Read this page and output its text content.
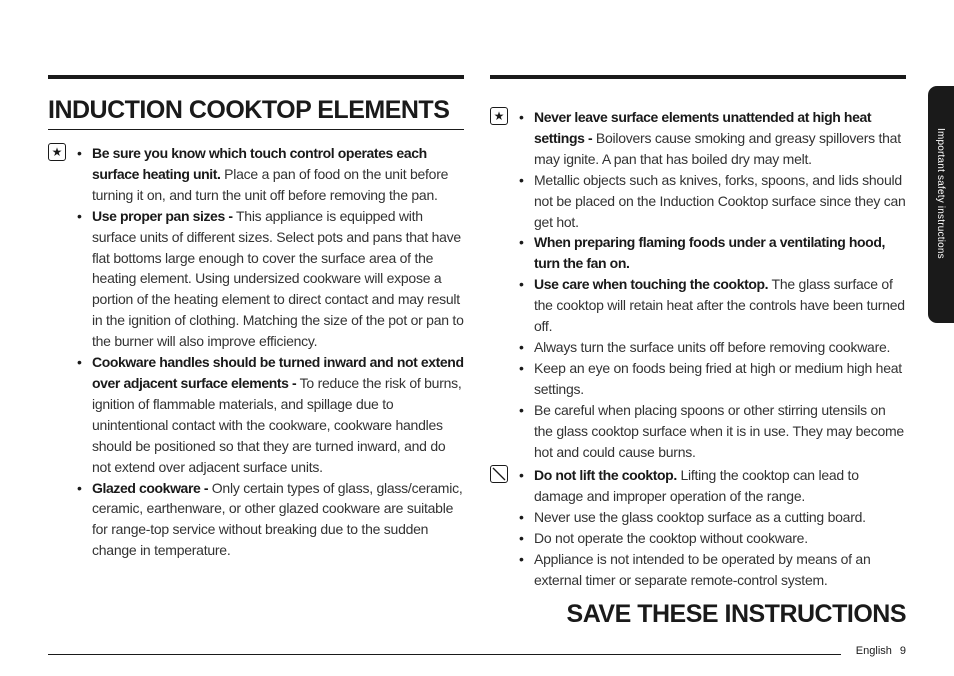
INDUCTION COOKTOP ELEMENTS
★ • Be sure you know which touch control operates each surface heating unit. Place a pan of food on the unit before turning it on, and turn the unit off before removing the pan.
• Use proper pan sizes - This appliance is equipped with surface units of different sizes. Select pots and pans that have flat bottoms large enough to cover the surface area of the heating element. Using undersized cookware will expose a portion of the heating element to direct contact and may result in the ignition of clothing. Matching the size of the pot or pan to the burner will also improve efficiency.
• Cookware handles should be turned inward and not extend over adjacent surface elements - To reduce the risk of burns, ignition of flammable materials, and spillage due to unintentional contact with the cookware, cookware handles should be positioned so that they are turned inward, and do not extend over adjacent surface units.
• Glazed cookware - Only certain types of glass, glass/ceramic, ceramic, earthenware, or other glazed cookware are suitable for range-top service without breaking due to the sudden change in temperature.
★ • Never leave surface elements unattended at high heat settings - Boilovers cause smoking and greasy spillovers that may ignite. A pan that has boiled dry may melt.
• Metallic objects such as knives, forks, spoons, and lids should not be placed on the Induction Cooktop surface since they can get hot.
• When preparing flaming foods under a ventilating hood, turn the fan on.
• Use care when touching the cooktop. The glass surface of the cooktop will retain heat after the controls have been turned off.
• Always turn the surface units off before removing cookware.
• Keep an eye on foods being fried at high or medium high heat settings.
• Be careful when placing spoons or other stirring utensils on the glass cooktop surface when it is in use. They may become hot and could cause burns.
• Do not lift the cooktop. Lifting the cooktop can lead to damage and improper operation of the range.
• Never use the glass cooktop surface as a cutting board.
• Do not operate the cooktop without cookware.
• Appliance is not intended to be operated by means of an external timer or separate remote-control system.
SAVE THESE INSTRUCTIONS
Important safety instructions
English 9
